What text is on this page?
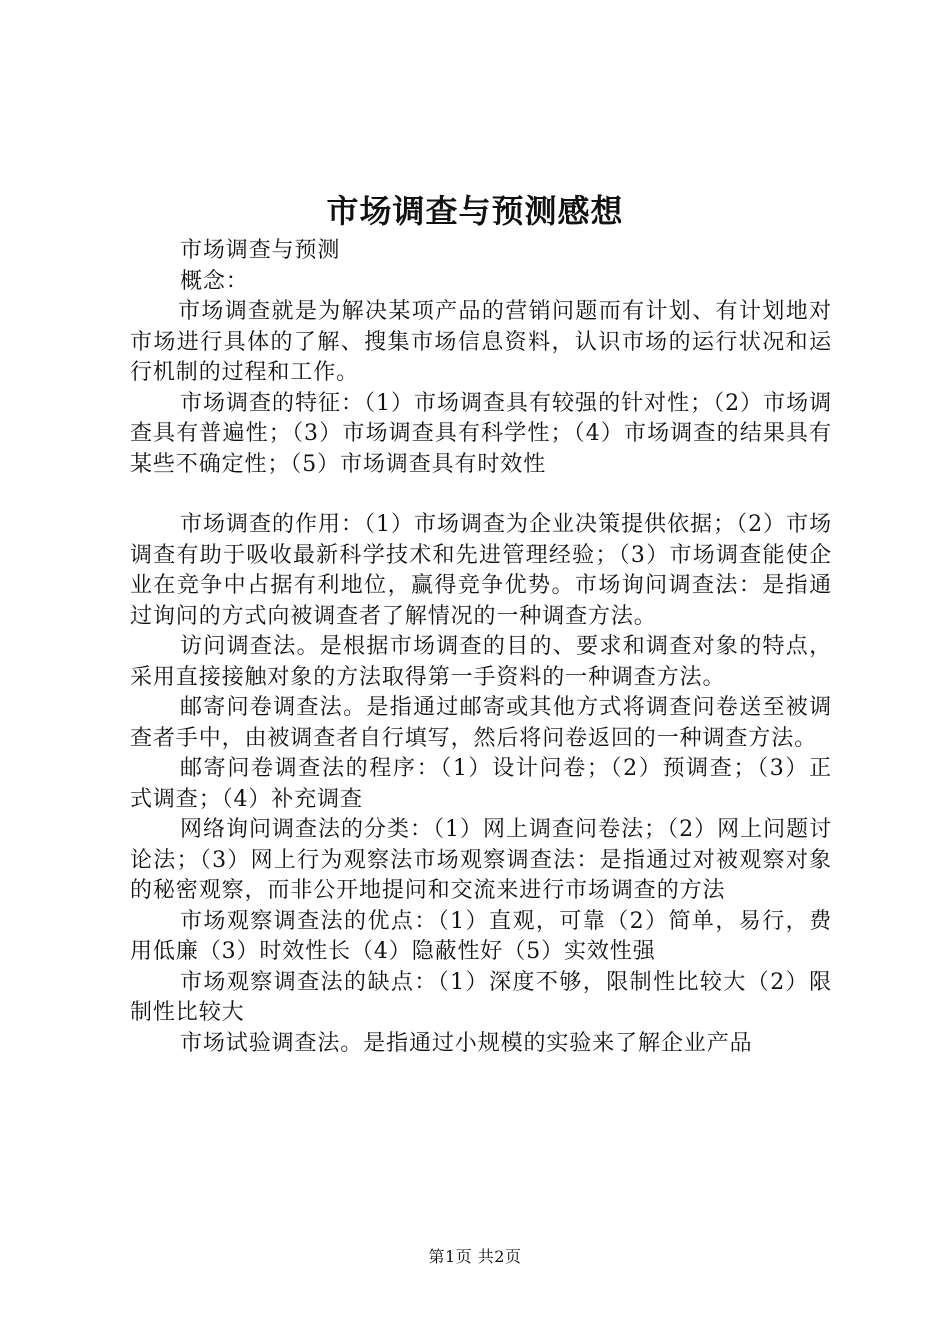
市场调查与预测感想

市场调查与预测

概念：

市场调查就是为解决某项产品的营销问题而有计划、有计划地对市场进行具体的了解、搜集市场信息资料，认识市场的运行状况和运行机制的过程和工作。

市场调查的特征：（1）市场调查具有较强的针对性；（2）市场调查具有普遍性；（3）市场调查具有科学性；（4）市场调查的结果具有某些不确定性；（5）市场调查具有时效性

市场调查的作用：（1）市场调查为企业决策提供依据；（2）市场调查有助于吸收最新科学技术和先进管理经验；（3）市场调查能使企业在竞争中占据有利地位，赢得竞争优势。市场询问调查法：是指通过询问的方式向被调查者了解情况的一种调查方法。

访问调查法。是根据市场调查的目的、要求和调查对象的特点，采用直接接触对象的方法取得第一手资料的一种调查方法。

邮寄问卷调查法。是指通过邮寄或其他方式将调查问卷送至被调查者手中，由被调查者自行填写，然后将问卷返回的一种调查方法。

邮寄问卷调查法的程序：（1）设计问卷；（2）预调查；（3）正式调查；（4）补充调查

网络询问调查法的分类：（1）网上调查问卷法；（2）网上问题讨论法；（3）网上行为观察法市场观察调查法：是指通过对被观察对象的秘密观察，而非公开地提问和交流来进行市场调查的方法

市场观察调查法的优点：（1）直观，可靠（2）简单，易行，费用低廉（3）时效性长（4）隐蔽性好（5）实效性强

市场观察调查法的缺点：（1）深度不够，限制性比较大（2）限制性比较大

市场试验调查法。是指通过小规模的实验来了解企业产品

第1页 共2页
